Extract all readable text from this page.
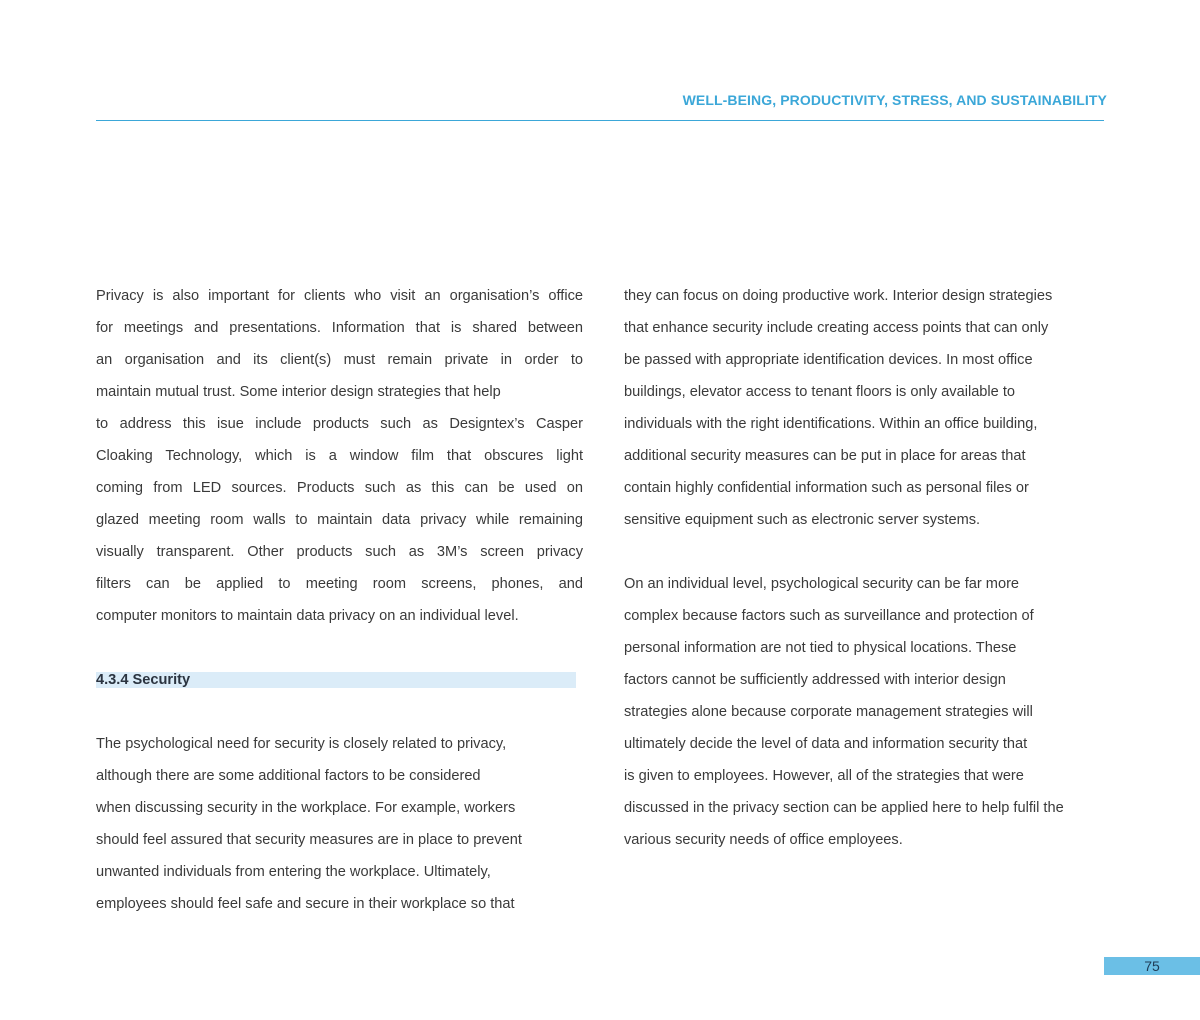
WELL-BEING, PRODUCTIVITY, STRESS, AND SUSTAINABILITY
Privacy is also important for clients who visit an organisation’s office
for meetings and presentations. Information that is shared between
an organisation and its client(s) must remain private in order to
maintain mutual trust. Some interior design strategies that help
to address this isue include products such as Designtex’s Casper
Cloaking Technology, which is a window film that obscures light
coming from LED sources. Products such as this can be used on
glazed meeting room walls to maintain data privacy while remaining
visually transparent. Other products such as 3M’s screen privacy
filters can be applied to meeting room screens, phones, and
computer monitors to maintain data privacy on an individual level.
4.3.4 Security
The psychological need for security is closely related to privacy,
although there are some additional factors to be considered
when discussing security in the workplace. For example, workers
should feel assured that security measures are in place to prevent
unwanted individuals from entering the workplace. Ultimately,
employees should feel safe and secure in their workplace so that
they can focus on doing productive work. Interior design strategies
that enhance security include creating access points that can only
be passed with appropriate identification devices. In most office
buildings, elevator access to tenant floors is only available to
individuals with the right identifications. Within an office building,
additional security measures can be put in place for areas that
contain highly confidential information such as personal files or
sensitive equipment such as electronic server systems.
On an individual level, psychological security can be far more
complex because factors such as surveillance and protection of
personal information are not tied to physical locations. These
factors cannot be sufficiently addressed with interior design
strategies alone because corporate management strategies will
ultimately decide the level of data and information security that
is given to employees. However, all of the strategies that were
discussed in the privacy section can be applied here to help fulfil the
various security needs of office employees.
75
